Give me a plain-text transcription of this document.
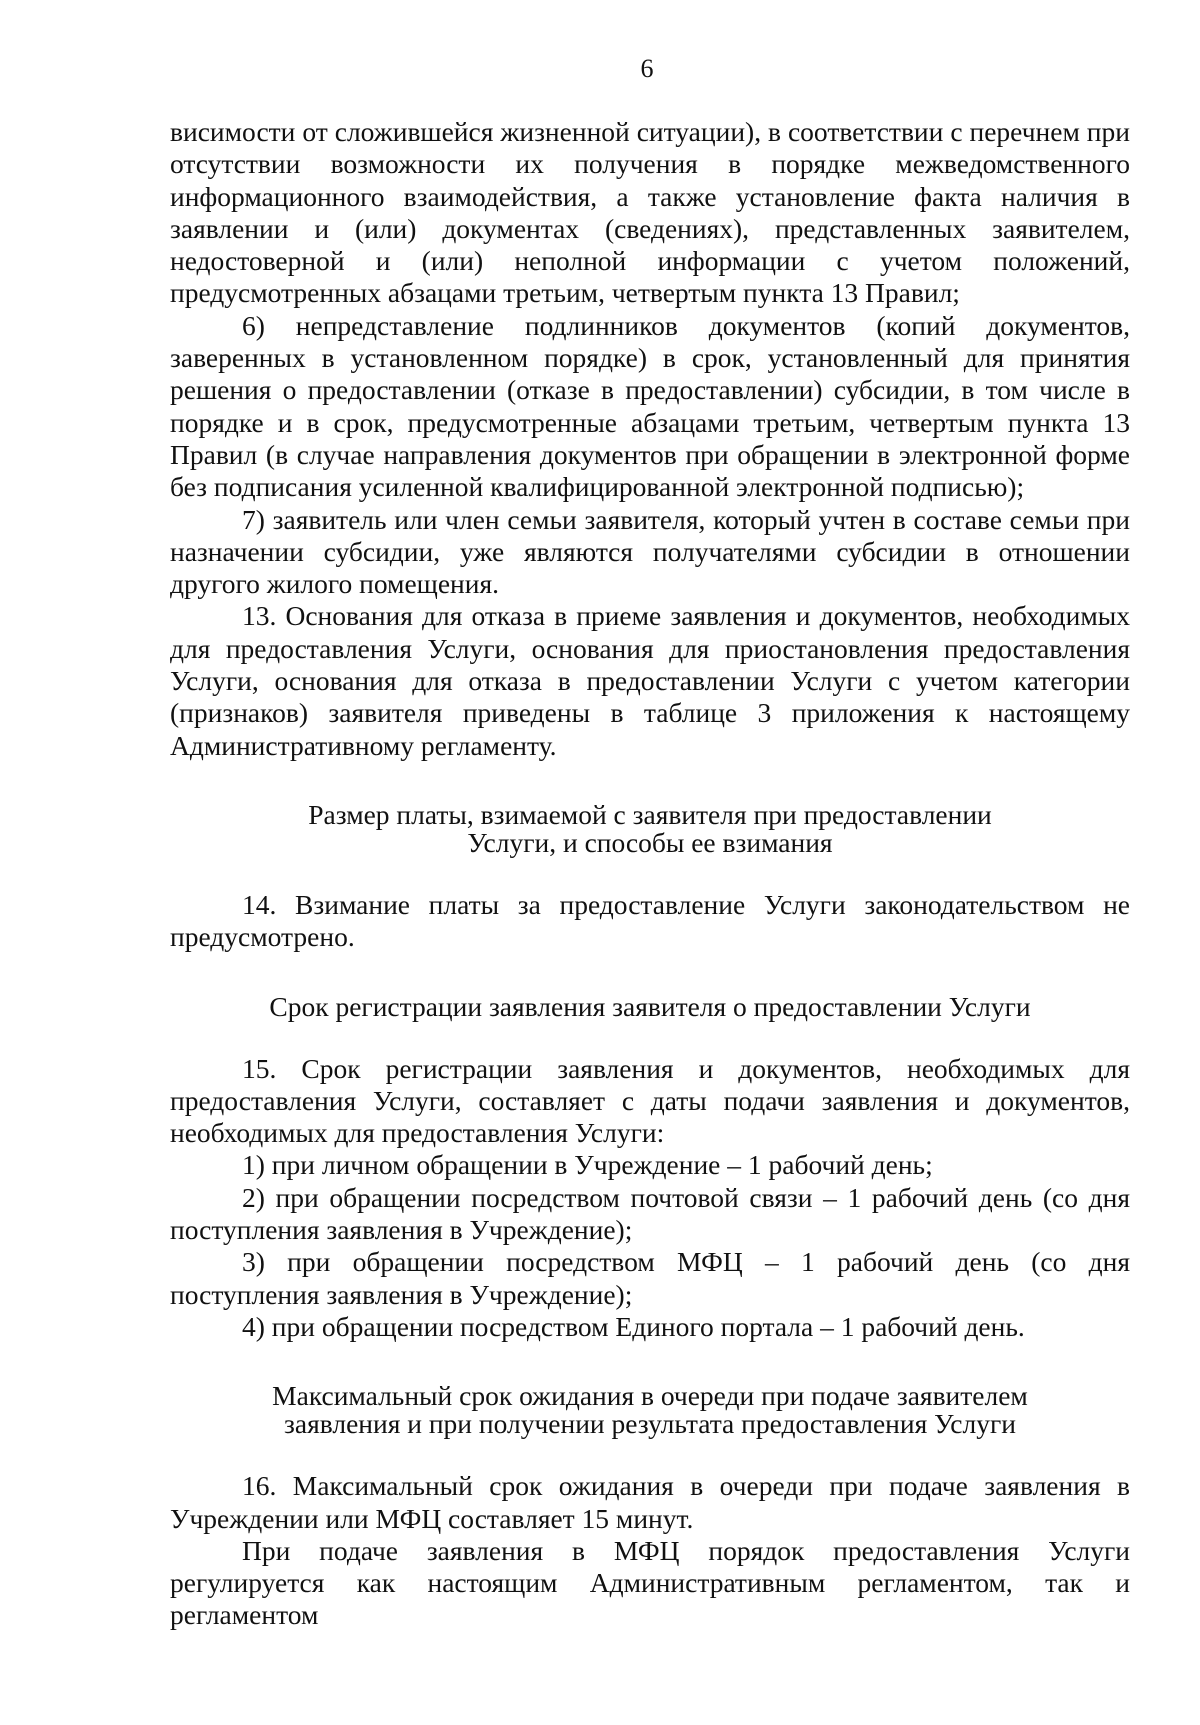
6

висимости от сложившейся жизненной ситуации), в соответствии с перечнем при отсутствии возможности их получения в порядке межведомственного информационного взаимодействия, а также установление факта наличия в заявлении и (или) документах (сведениях), представленных заявителем, недостоверной и (или) неполной информации с учетом положений, предусмотренных абзацами третьим, четвертым пункта 13 Правил;

6) непредставление подлинников документов (копий документов, заверенных в установленном порядке) в срок, установленный для принятия решения о предоставлении (отказе в предоставлении) субсидии, в том числе в порядке и в срок, предусмотренные абзацами третьим, четвертым пункта 13 Правил (в случае направления документов при обращении в электронной форме без подписания усиленной квалифицированной электронной подписью);

7) заявитель или член семьи заявителя, который учтен в составе семьи при назначении субсидии, уже являются получателями субсидии в отношении другого жилого помещения.

13. Основания для отказа в приеме заявления и документов, необходимых для предоставления Услуги, основания для приостановления предоставления Услуги, основания для отказа в предоставлении Услуги с учетом категории (признаков) заявителя приведены в таблице 3 приложения к настоящему Административному регламенту.

Размер платы, взимаемой с заявителя при предоставлении
Услуги, и способы ее взимания

14. Взимание платы за предоставление Услуги законодательством не предусмотрено.

Срок регистрации заявления заявителя о предоставлении Услуги

15. Срок регистрации заявления и документов, необходимых для предоставления Услуги, составляет с даты подачи заявления и документов, необходимых для предоставления Услуги:

1) при личном обращении в Учреждение – 1 рабочий день;

2) при обращении посредством почтовой связи – 1 рабочий день (со дня поступления заявления в Учреждение);

3) при обращении посредством МФЦ – 1 рабочий день (со дня поступления заявления в Учреждение);

4) при обращении посредством Единого портала – 1 рабочий день.

Максимальный срок ожидания в очереди при подаче заявителем
заявления и при получении результата предоставления Услуги

16. Максимальный срок ожидания в очереди при подаче заявления в Учреждении или МФЦ составляет 15 минут.

При подаче заявления в МФЦ порядок предоставления Услуги регулируется как настоящим Административным регламентом, так и регламентом
